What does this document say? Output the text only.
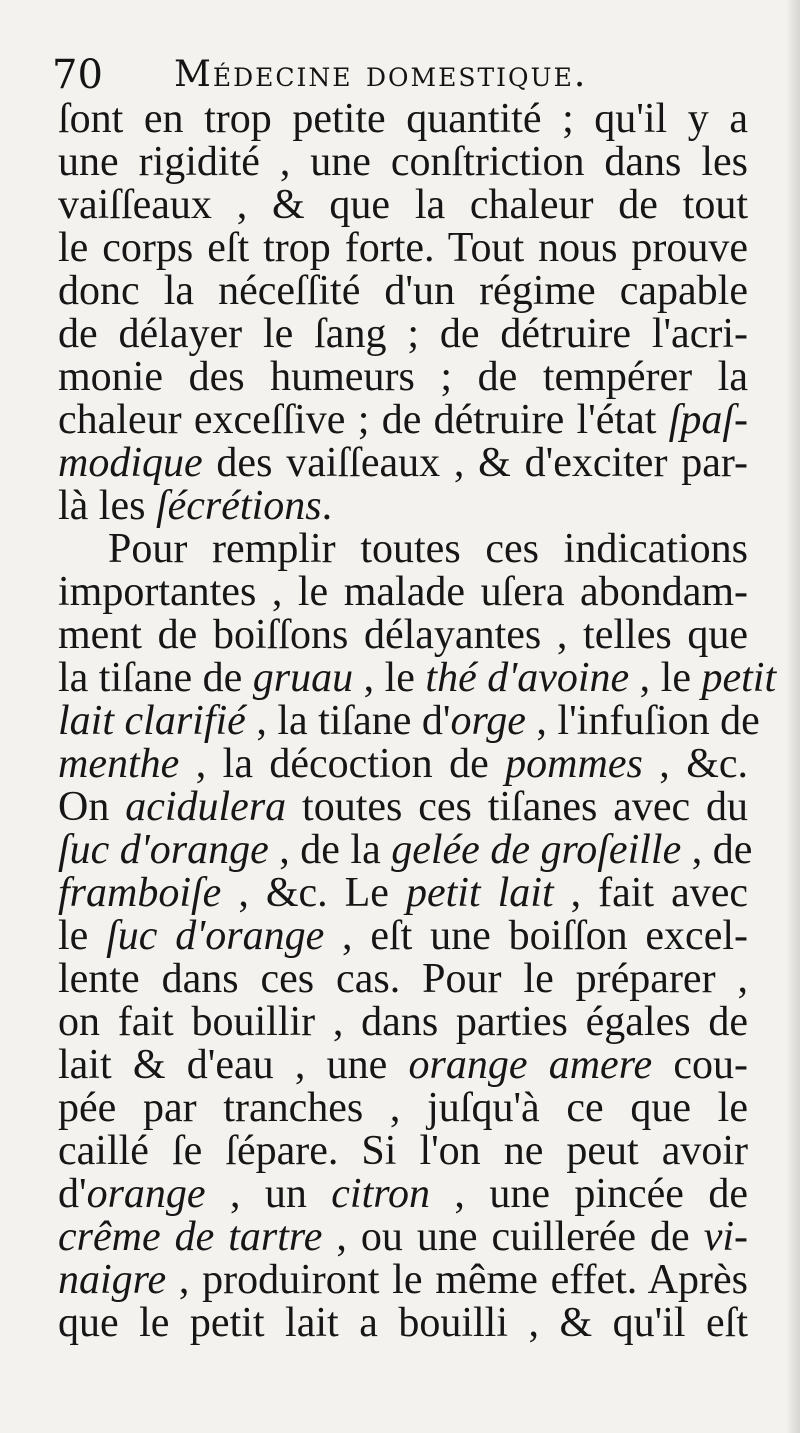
70 Médecine domestique.
ſont en trop petite quantité ; qu'il y a
une rigidité , une conſtriction dans les
vaiſſeaux , & que la chaleur de tout
le corps eſt trop forte. Tout nous prouve
donc la néceſſité d'un régime capable
de délayer le ſang ; de détruire l'acri-
monie des humeurs ; de tempérer la
chaleur exceſſive ; de détruire l'état ſpaſ-
modique des vaiſſeaux , & d'exciter par-
là les ſécrétions.
Pour remplir toutes ces indications
importantes , le malade uſera abondam-
ment de boiſſons délayantes , telles que
la tiſane de gruau , le thé d'avoine , le petit
lait clarifié , la tiſane d'orge , l'infuſion de
menthe , la décoction de pommes , &c.
On acidulera toutes ces tiſanes avec du
ſuc d'orange , de la gelée de groſeille , de
framboiſe , &c. Le petit lait , fait avec
le ſuc d'orange , eſt une boiſſon excel-
lente dans ces cas. Pour le préparer ,
on fait bouillir , dans parties égales de
lait & d'eau , une orange amere cou-
pée par tranches , juſqu'à ce que le
caillé ſe ſépare. Si l'on ne peut avoir
d'orange , un citron , une pincée de
crême de tartre , ou une cuillerée de vi-
naigre , produiront le même effet. Après
que le petit lait a bouilli , & qu'il eſt
